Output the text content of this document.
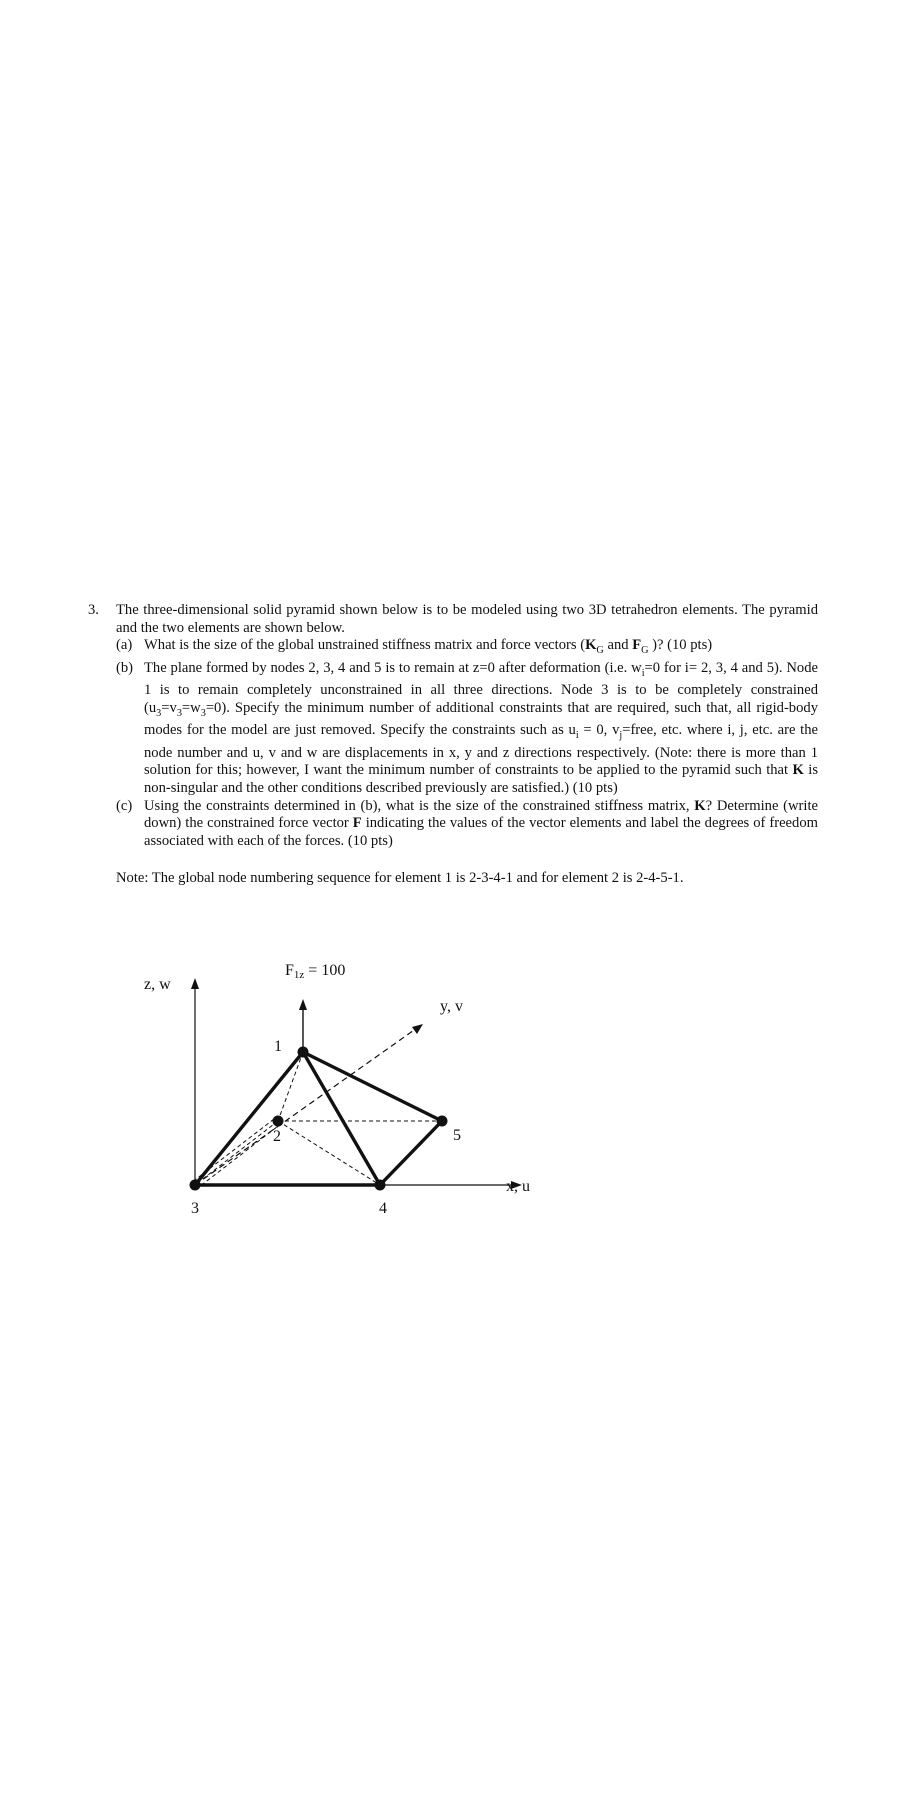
3. The three-dimensional solid pyramid shown below is to be modeled using two 3D tetrahedron elements. The pyramid and the two elements are shown below.

(a) What is the size of the global unstrained stiffness matrix and force vectors ($K_G$ and $F_G$ )? (10 pts)
(b) The plane formed by nodes 2, 3, 4 and 5 is to remain at z=0 after deformation (i.e. $w_i=0$ for i= 2, 3, 4 and 5). Node 1 is to remain completely unconstrained in all three directions. Node 3 is to be completely constrained $(u_3=v_3=w_3=0)$. Specify the minimum number of additional constraints that are required, such that, all rigid-body modes for the model are just removed. Specify the constraints such as $u_i = 0$, $v_j=free$, etc. where i, j, etc. are the node number and u, v and w are displacements in x, y and z directions respectively. (Note: there is more than 1 solution for this; however, I want the minimum number of constraints to be applied to the pyramid such that K is non-singular and the other conditions described previously are satisfied.) (10 pts)
(c) Using the constraints determined in (b), what is the size of the constrained stiffness matrix, K? Determine (write down) the constrained force vector F indicating the values of the vector elements and label the degrees of freedom associated with each of the forces. (10 pts)
Note: The global node numbering sequence for element 1 is 2-3-4-1 and for element 2 is 2-4-5-1.
F1z = 100
z, w
y, v
x, u
1
2
3	4
5
